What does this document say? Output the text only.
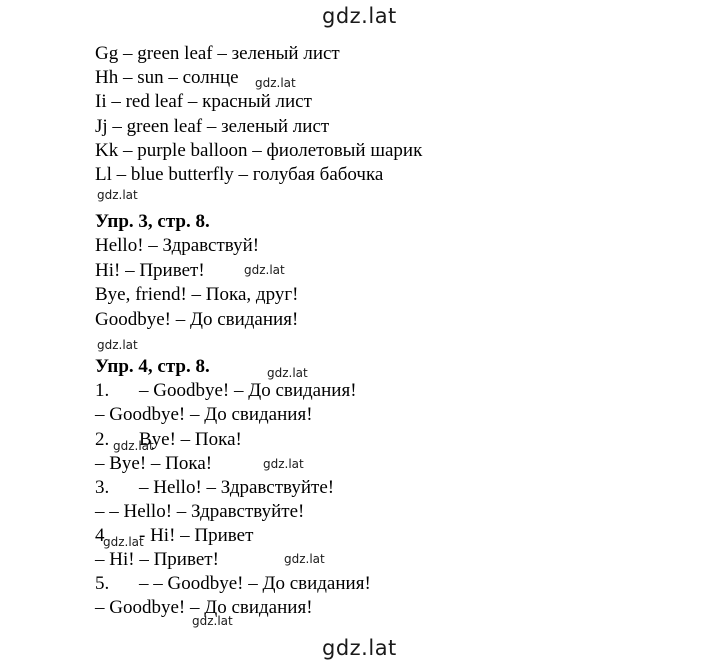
gdz.lat
Gg – green leaf – зеленый лист
Hh – sun – солнце
Ii – red leaf – красный лист
Jj – green leaf – зеленый лист
Kk – purple balloon – фиолетовый шарик
Ll – blue butterfly – голубая бабочка
Упр. 3, стр. 8.
Hello! – Здравствуй!
Hi! – Привет!
Bye, friend! – Пока, друг!
Goodbye! – До свидания!
Упр. 4, стр. 8.
1. – Goodbye! – До свидания!
– Goodbye! – До свидания!
2. Bye! – Пока!
– Bye! – Пока!
3. – Hello! – Здравствуйте!
– – Hello! – Здравствуйте!
4 - Hi! – Привет
– Hi! – Привет!
5. – – Goodbye! – До свидания!
– Goodbye! – До свидания!
gdz.lat
gdz.lat
gdz.lat
gdz.lat
gdz.lat
gdz.lat
gdz.lat
gdz.lat
gdz.lat
gdz.lat
gdz.lat
